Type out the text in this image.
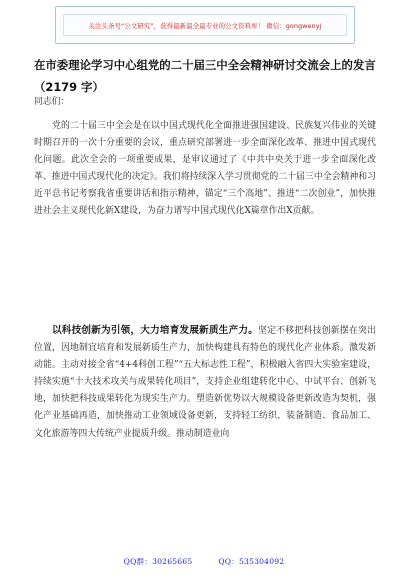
关注头条号“公文研究”，获得最新最全最专业的公文资料库！ 微信：gongwenyj
在市委理论学习中心组党的二十届三中全会精神研讨交流会上的发言（2179 字）

同志们：

党的二十届三中全会是在以中国式现代化全面推进强国建设、民族复兴伟业的关键时期召开的一次十分重要的会议，重点研究部署进一步全面深化改革、推进中国式现代化问题。此次全会的一项重要成果，是审议通过了《中共中央关于进一步全面深化改革、推进中国式现代化的决定》。我们将持续深入学习贯彻党的二十届三中全会精神和习近平总书记考察我省重要讲话和指示精神，锚定“三个高地”、推进“二次创业”，加快推进社会主义现代化新X建设，为奋力谱写中国式现代化X篇章作出X贡献。

以科技创新为引领，大力培育发展新质生产力。坚定不移把科技创新摆在突出位置，因地制宜培育和发展新质生产力，加快构建具有特色的现代化产业体系。激发新动能。主动对接全省“4+4科创工程”“五大标志性工程”，积极融入省四大实验室建设，持续实施“十大技术攻关与成果转化项目”，支持企业组建转化中心、中试平台、创新飞地，加快把科技成果转化为现实生产力。塑造新优势以大规模设备更新改造为契机，强化产业基础再造，加快推动工业领域设备更新，支持轻工纺织、装备制造、食品加工、文化旅游等四大传统产业提质升级。推动制造业向

QQ群：30265665	QQ：535304092
